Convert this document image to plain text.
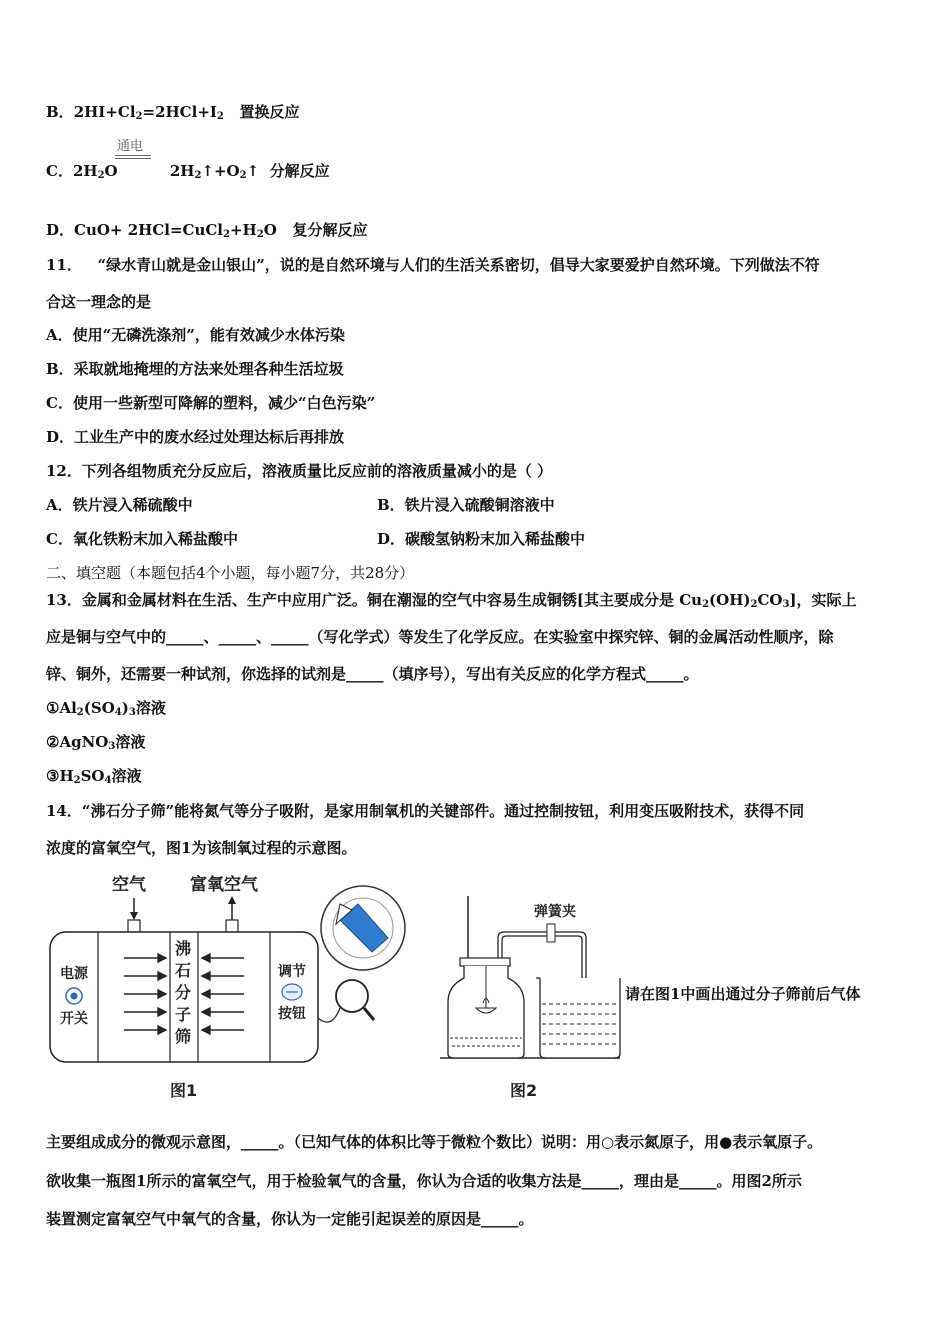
B．$2HI+Cl_2=2HCl+I_2$ 置换反应
通电
C．$2H_2O$          $2H_2↑+O_2↑$  分解反应
D．$CuO+ 2HCl=CuCl_2+H_2O$   复分解反应
11． “绿水青山就是金山银山”，说的是自然环境与人们的生活关系密切，倡导大家要爱护自然环境。下列做法不符
合这一理念的是
A．使用“无磷洗涤剂”，能有效减少水体污染
B．采取就地掩埋的方法来处理各种生活垃圾
C．使用一些新型可降解的塑料，减少“白色污染”
D．工业生产中的废水经过处理达标后再排放
12．下列各组物质充分反应后，溶液质量比反应前的溶液质量减小的是（ ）
A．铁片浸入稀硫酸中	B．铁片浸入硫酸铜溶液中
C．氧化铁粉末加入稀盐酸中	D．碳酸氢钠粉末加入稀盐酸中
二、填空题（本题包括4个小题，每小题7分，共28分）
13．金属和金属材料在生活、生产中应用广泛。铜在潮湿的空气中容易生成铜锈[其主要成分是 $Cu_2(OH)_2CO_3$]，实际上
应是铜与空气中的_____、_____、_____（写化学式）等发生了化学反应。在实验室中探究锌、铜的金属活动性顺序，除
锌、铜外，还需要一种试剂，你选择的试剂是_____（填序号），写出有关反应的化学方程式_____。
$①Al_2(SO_4)_3$溶液
②AgNO$_3$溶液
$③H_2SO_4$溶液
14．“沸石分子筛”能将氮气等分子吸附，是家用制氧机的关键部件。通过控制按钮，利用变压吸附技术，获得不同
浓度的富氧空气，图1为该制氧过程的示意图。
空气	富氧空气
电源
开关
沸
石
分
子
筛
调节
按钮
图1
弹簧夹
图2
请在图1中画出通过分子筛前后气体
主要组成成分的微观示意图，_____。（已知气体的体积比等于微粒个数比）说明：用○表示氮原子，用●表示氧原子。
欲收集一瓶图1所示的富氧空气，用于检验氧气的含量，你认为合适的收集方法是_____，理由是_____。用图2所示
装置测定富氧空气中氧气的含量，你认为一定能引起误差的原因是_____。
